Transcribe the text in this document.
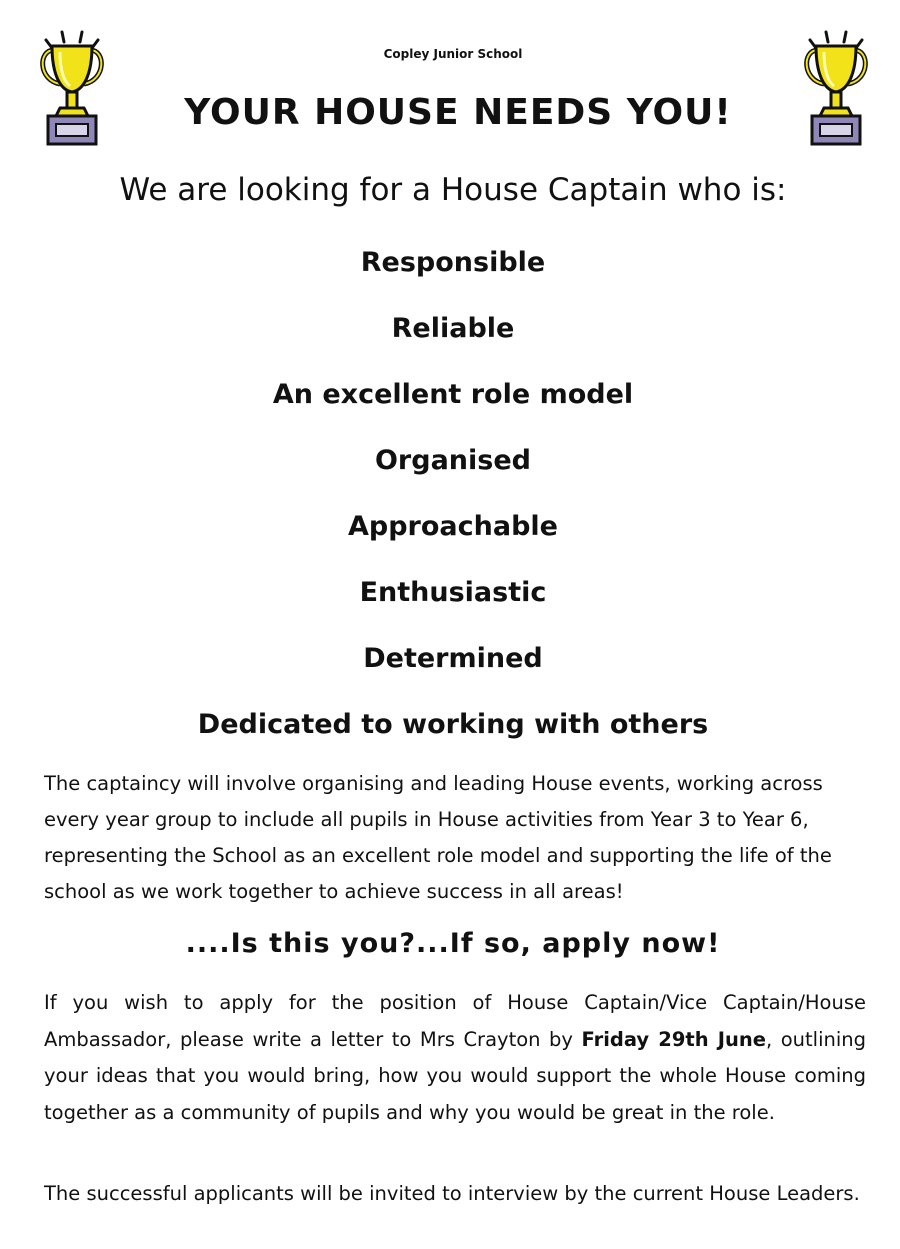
Copley Junior School
YOUR HOUSE NEEDS YOU!
We are looking for a House Captain who is:
Responsible
Reliable
An excellent role model
Organised
Approachable
Enthusiastic
Determined
Dedicated to working with others

The captaincy will involve organising and leading House events, working across every year group to include all pupils in House activities from Year 3 to Year 6, representing the School as an excellent role model and supporting the life of the school as we work together to achieve success in all areas!

....Is this you?...If so, apply now!

If you wish to apply for the position of House Captain/Vice Captain/House Ambassador, please write a letter to Mrs Crayton by Friday 29th June, outlining your ideas that you would bring, how you would support the whole House coming together as a community of pupils and why you would be great in the role.

The successful applicants will be invited to interview by the current House Leaders.
